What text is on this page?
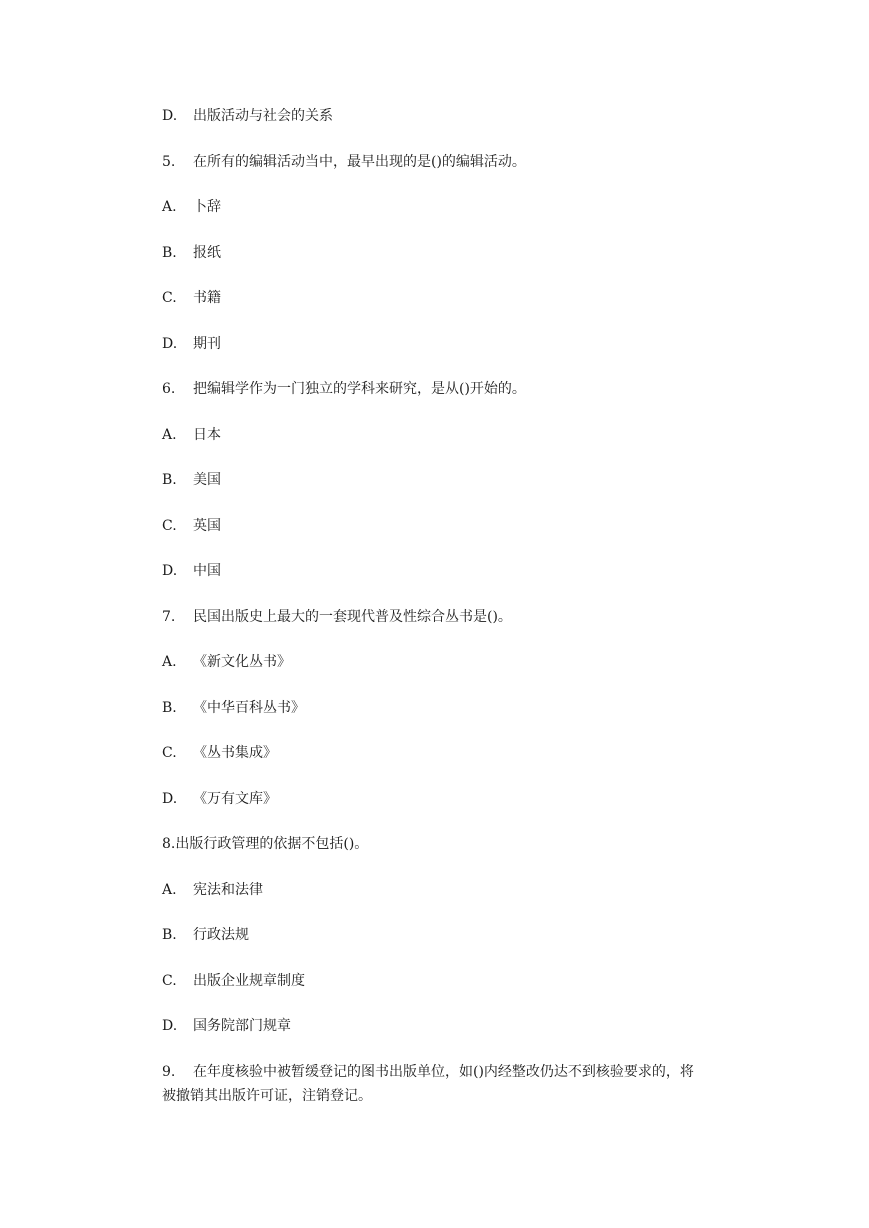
D. 出版活动与社会的关系
5. 在所有的编辑活动当中，最早出现的是()的编辑活动。
A. 卜辞
B. 报纸
C. 书籍
D. 期刊
6. 把编辑学作为一门独立的学科来研究，是从()开始的。
A. 日本
B. 美国
C. 英国
D. 中国
7. 民国出版史上最大的一套现代普及性综合丛书是()。
A. 《新文化丛书》
B. 《中华百科丛书》
C. 《丛书集成》
D. 《万有文库》
8.出版行政管理的依据不包括()。
A. 宪法和法律
B. 行政法规
C. 出版企业规章制度
D. 国务院部门规章
9. 在年度核验中被暂缓登记的图书出版单位，如()内经整改仍达不到核验要求的，将
被撤销其出版许可证，注销登记。
